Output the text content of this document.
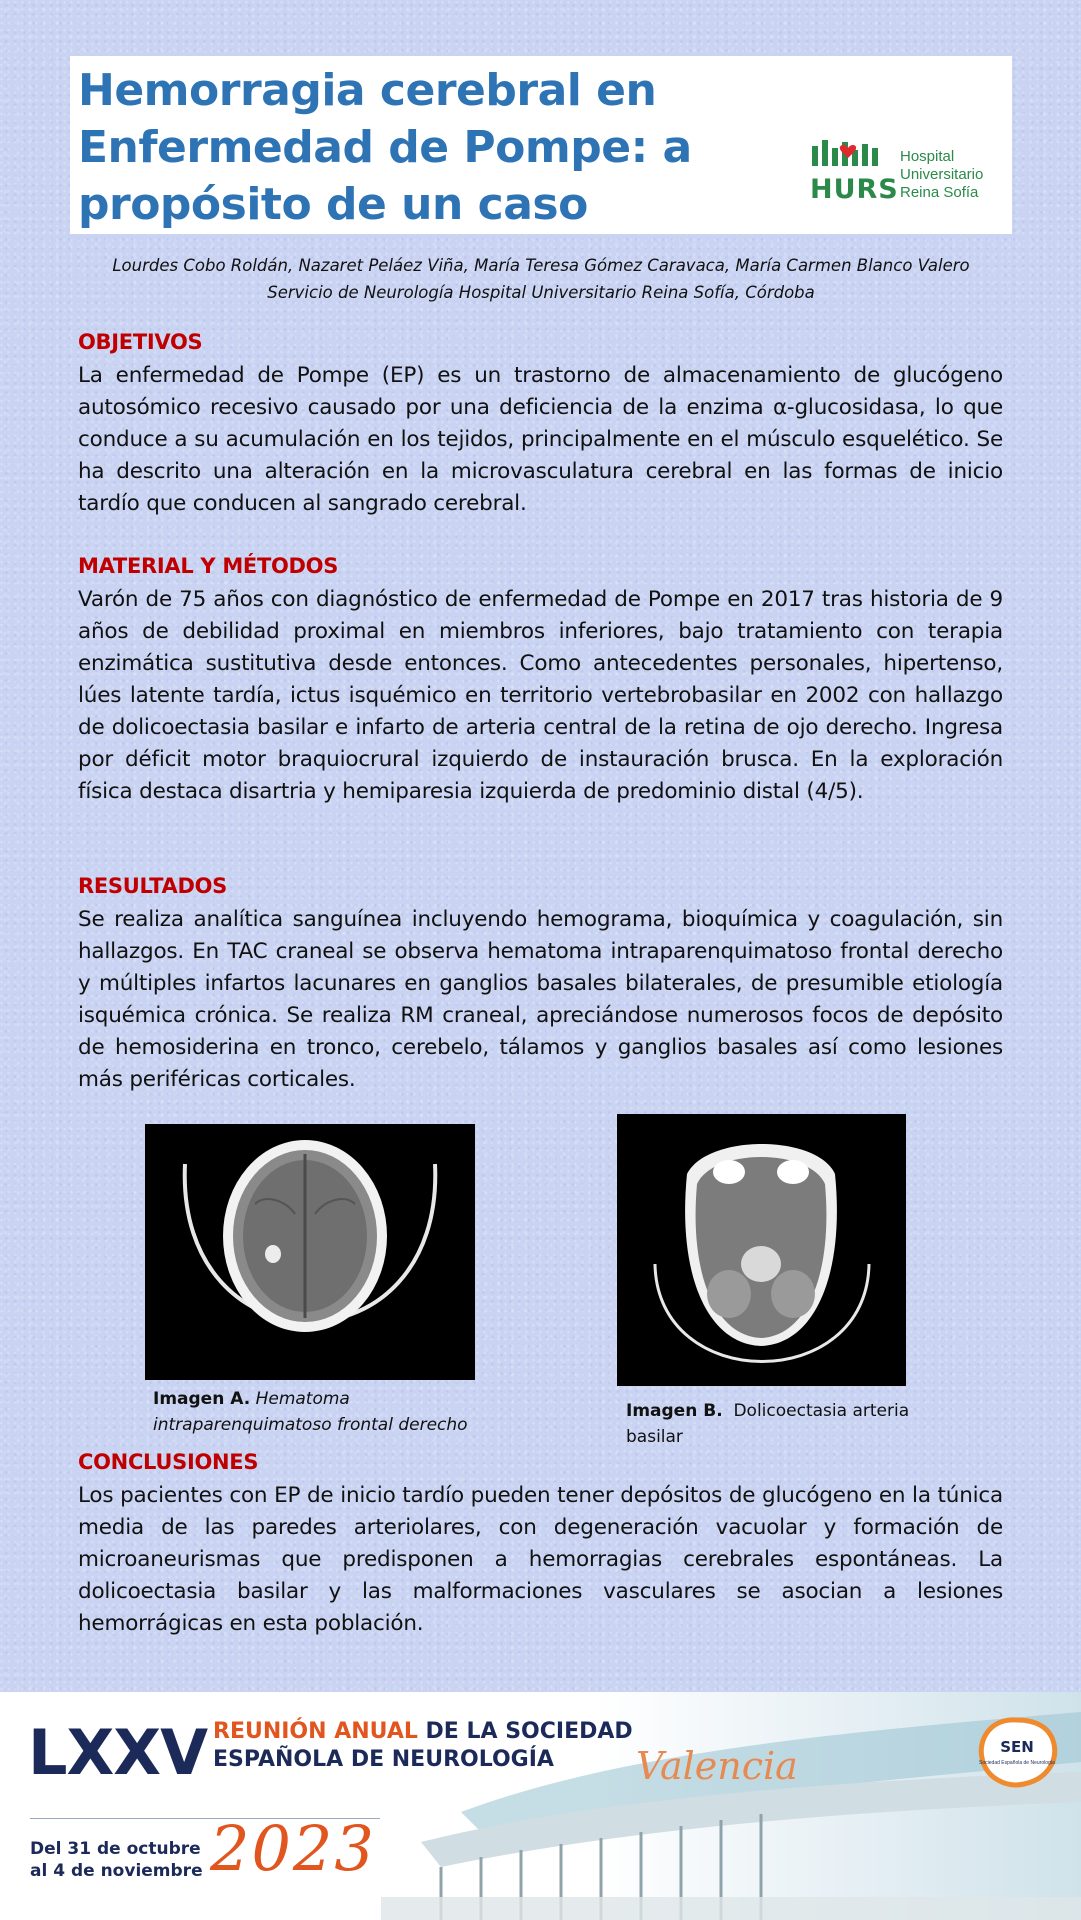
Hemorragia cerebral en Enfermedad de Pompe: a propósito de un caso	HURS
Hospital
Universitario
Reina Sofía
Lourdes Cobo Roldán, Nazaret Peláez Viña, María Teresa Gómez Caravaca, María Carmen Blanco Valero
Servicio de Neurología Hospital Universitario Reina Sofía, Córdoba
OBJETIVOS

La enfermedad de Pompe (EP) es un trastorno de almacenamiento de glucógeno autosómico recesivo causado por una deficiencia de la enzima α-glucosidasa, lo que conduce a su acumulación en los tejidos, principalmente en el músculo esquelético. Se ha descrito una alteración en la microvasculatura cerebral en las formas de inicio tardío que conducen al sangrado cerebral.

MATERIAL Y MÉTODOS

Varón de 75 años con diagnóstico de enfermedad de Pompe en 2017 tras historia de 9 años de debilidad proximal en miembros inferiores, bajo tratamiento con terapia enzimática sustitutiva desde entonces. Como antecedentes personales, hipertenso, lúes latente tardía, ictus isquémico en territorio vertebrobasilar en 2002 con hallazgo de dolicoectasia basilar e infarto de arteria central de la retina de ojo derecho. Ingresa por déficit motor braquiocrural izquierdo de instauración brusca. En la exploración física destaca disartria y hemiparesia izquierda de predominio distal (4/5).

RESULTADOS

Se realiza analítica sanguínea incluyendo hemograma, bioquímica y coagulación, sin hallazgos. En TAC craneal se observa hematoma intraparenquimatoso frontal derecho y múltiples infartos lacunares en ganglios basales bilaterales, de presumible etiología isquémica crónica. Se realiza RM craneal, apreciándose numerosos focos de depósito de hemosiderina en tronco, cerebelo, tálamos y ganglios basales así como lesiones más periféricas corticales.

Imagen A. Hematoma intraparenquimatoso frontal derecho
Imagen B. Dolicoectasia arteria basilar
CONCLUSIONES

Los pacientes con EP de inicio tardío pueden tener depósitos de glucógeno en la túnica media de las paredes arteriolares, con degeneración vacuolar y formación de microaneurismas que predisponen a hemorragias cerebrales espontáneas. La dolicoectasia basilar y las malformaciones vasculares se asocian a lesiones hemorrágicas en esta población.

LXXV REUNIÓN ANUAL DE LA SOCIEDAD
ESPAÑOLA DE NEUROLOGÍA
Del 31 de octubre
al 4 de noviembre 2023
Valencia	SEN
Sociedad Española de Neurología
